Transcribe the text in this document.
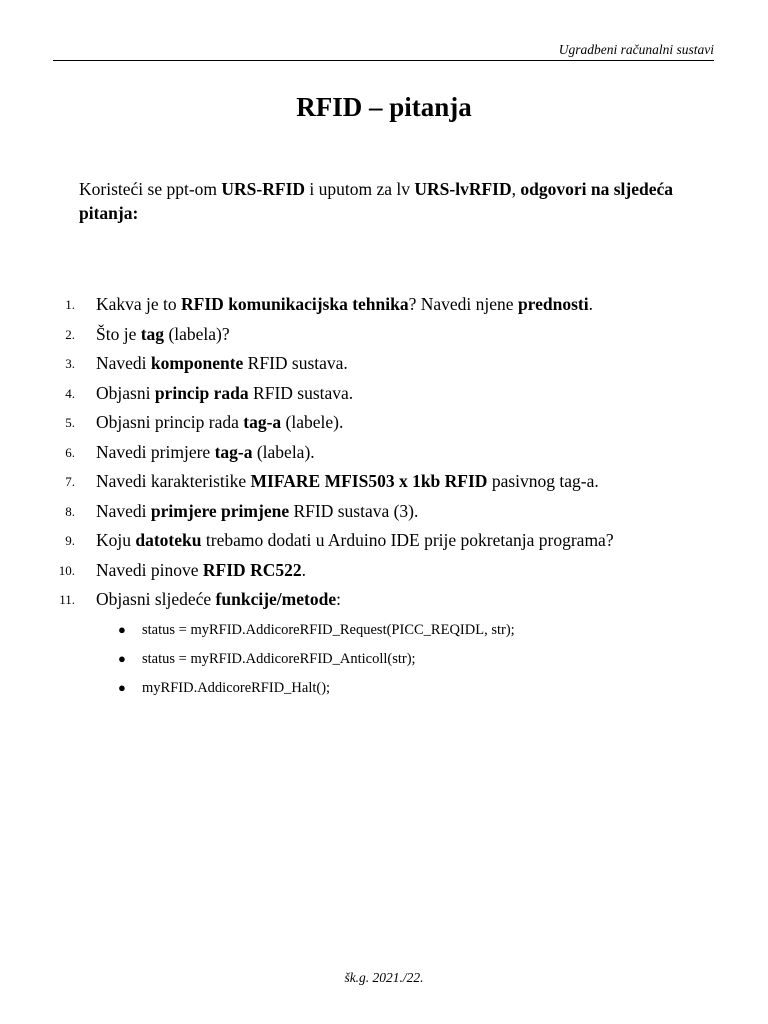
Ugradbeni računalni sustavi
RFID – pitanja

Koristeći se ppt-om URS-RFID i uputom za lv URS-lvRFID, odgovori na sljedeća pitanja:

1. Kakva je to RFID komunikacijska tehnika? Navedi njene prednosti.
2. Što je tag (labela)?
3. Navedi komponente RFID sustava.
4. Objasni princip rada RFID sustava.
5. Objasni princip rada tag-a (labele).
6. Navedi primjere tag-a (labela).
7. Navedi karakteristike MIFARE MFIS503 x 1kb RFID pasivnog tag-a.
8. Navedi primjere primjene RFID sustava (3).
9. Koju datoteku trebamo dodati u Arduino IDE prije pokretanja programa?
10. Navedi pinove RFID RC522.
11. Objasni sljedeće funkcije/metode:
● status = myRFID.AddicoreRFID_Request(PICC_REQIDL, str);
● status = myRFID.AddicoreRFID_Anticoll(str);
● myRFID.AddicoreRFID_Halt();
šk.g. 2021./22.
